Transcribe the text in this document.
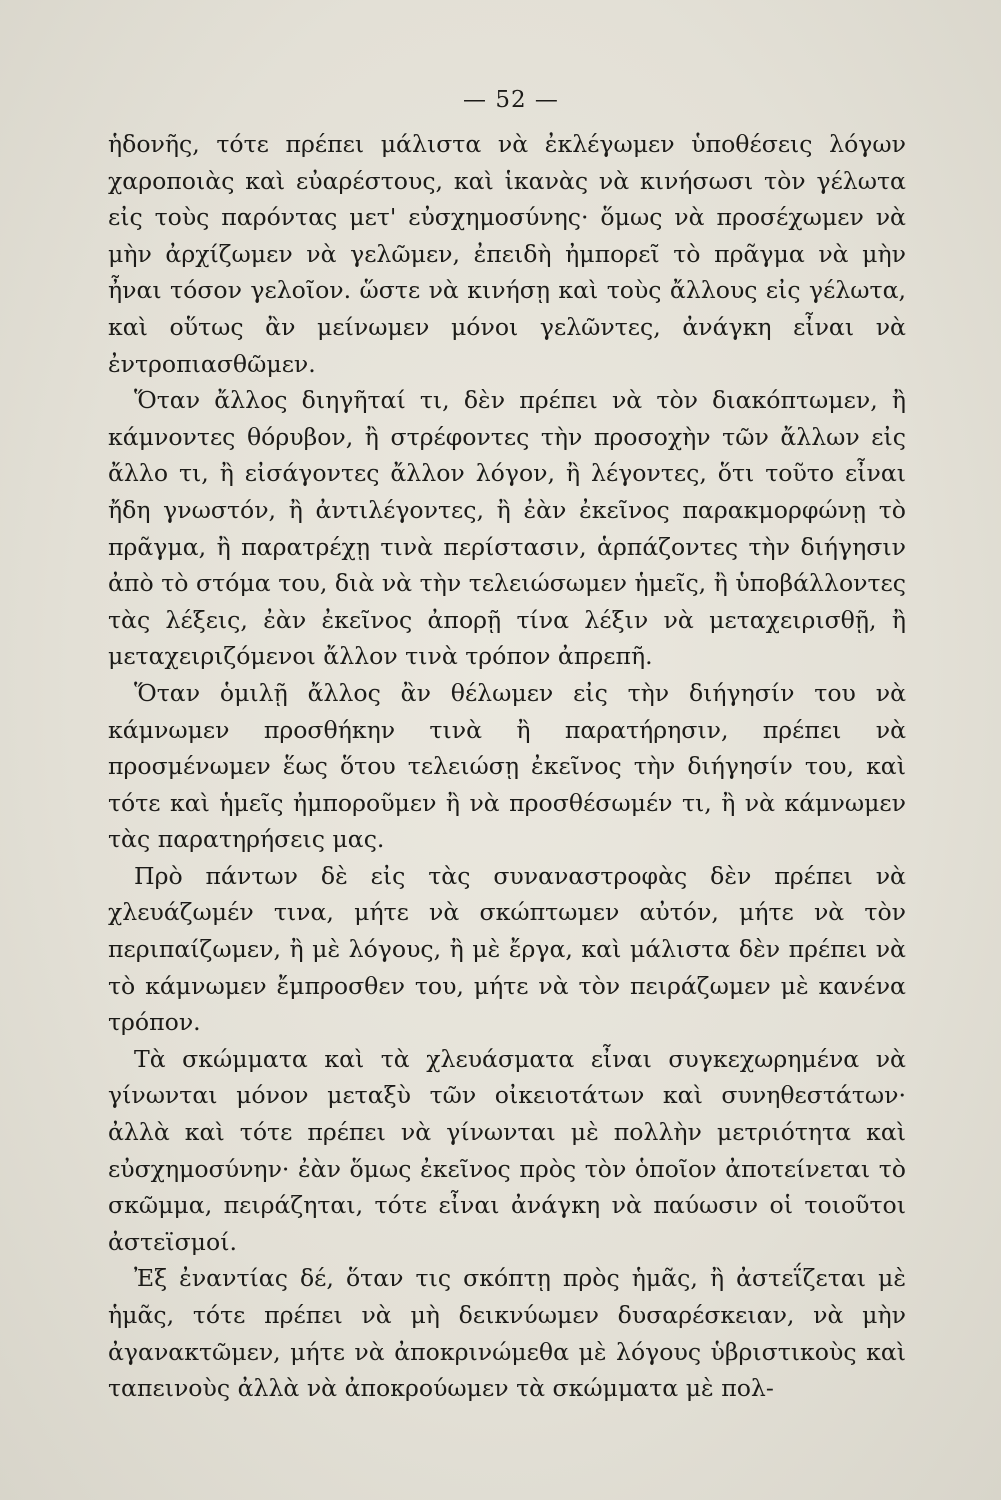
— 52 —

ἡδονῆς, τότε πρέπει μάλιστα νὰ ἐκλέγωμεν ὑποθέσεις λόγων χαροποιὰς καὶ εὐαρέστους, καὶ ἱκανὰς νὰ κινήσωσι τὸν γέλωτα εἰς τοὺς παρόντας μετ' εὐσχημοσύνης· ὅμως νὰ προσέχωμεν νὰ μὴν ἀρχίζωμεν νὰ γελῶμεν, ἐπειδὴ ἠμπορεῖ τὸ πρᾶγμα νὰ μὴν ἦναι τόσον γελοῖον. ὥστε νὰ κινήσῃ καὶ τοὺς ἄλλους εἰς γέλωτα, καὶ οὕτως ἂν μείνωμεν μόνοι γελῶντες, ἀνάγκη εἶναι νὰ ἐντροπιασθῶμεν.

Ὅταν ἄλλος διηγῆταί τι, δὲν πρέπει νὰ τὸν διακόπτωμεν, ἢ κάμνοντες θόρυβον, ἢ στρέφοντες τὴν προσοχὴν τῶν ἄλλων εἰς ἄλλο τι, ἢ εἰσάγοντες ἄλλον λόγον, ἢ λέγοντες, ὅτι τοῦτο εἶναι ἤδη γνωστόν, ἢ ἀντιλέγοντες, ἢ ἐὰν ἐκεῖνος παρακμορφώνῃ τὸ πρᾶγμα, ἢ παρατρέχῃ τινὰ περίστασιν, ἁρπάζοντες τὴν διήγησιν ἀπὸ τὸ στόμα του, διὰ νὰ τὴν τελειώσωμεν ἡμεῖς, ἢ ὑποβάλλοντες τὰς λέξεις, ἐὰν ἐκεῖνος ἀπορῇ τίνα λέξιν νὰ μεταχειρισθῇ, ἢ μεταχειριζόμενοι ἄλλον τινὰ τρόπον ἀπρεπῆ.

Ὅταν ὁμιλῇ ἄλλος ἂν θέλωμεν εἰς τὴν διήγησίν του νὰ κάμνωμεν προσθήκην τινὰ ἢ παρατήρησιν, πρέπει νὰ προσμένωμεν ἕως ὅτου τελειώσῃ ἐκεῖνος τὴν διήγησίν του, καὶ τότε καὶ ἡμεῖς ἠμποροῦμεν ἢ νὰ προσθέσωμέν τι, ἢ νὰ κάμνωμεν τὰς παρατηρήσεις μας.

Πρὸ πάντων δὲ εἰς τὰς συναναστροφὰς δὲν πρέπει νὰ χλευάζωμέν τινα, μήτε νὰ σκώπτωμεν αὐτόν, μήτε νὰ τὸν περιπαίζωμεν, ἢ μὲ λόγους, ἢ μὲ ἔργα, καὶ μάλιστα δὲν πρέπει νὰ τὸ κάμνωμεν ἔμπροσθεν του, μήτε νὰ τὸν πειράζωμεν μὲ κανένα τρόπον.

Τὰ σκώμματα καὶ τὰ χλευάσματα εἶναι συγκεχωρημένα νὰ γίνωνται μόνον μεταξὺ τῶν οἰκειοτάτων καὶ συνηθεστάτων· ἀλλὰ καὶ τότε πρέπει νὰ γίνωνται μὲ πολλὴν μετριότητα καὶ εὐσχημοσύνην· ἐὰν ὅμως ἐκεῖνος πρὸς τὸν ὁποῖον ἀποτείνεται τὸ σκῶμμα, πειράζηται, τότε εἶναι ἀνάγκη νὰ παύωσιν οἱ τοιοῦτοι ἀστεϊσμοί.

Ἐξ ἐναντίας δέ, ὅταν τις σκόπτῃ πρὸς ἡμᾶς, ἢ ἀστεΐζεται μὲ ἡμᾶς, τότε πρέπει νὰ μὴ δεικνύωμεν δυσαρέσκειαν, νὰ μὴν ἀγανακτῶμεν, μήτε νὰ ἀποκρινώμεθα μὲ λόγους ὑβριστικοὺς καὶ ταπεινοὺς ἀλλὰ νὰ ἀποκρούωμεν τὰ σκώμματα μὲ πολ-
